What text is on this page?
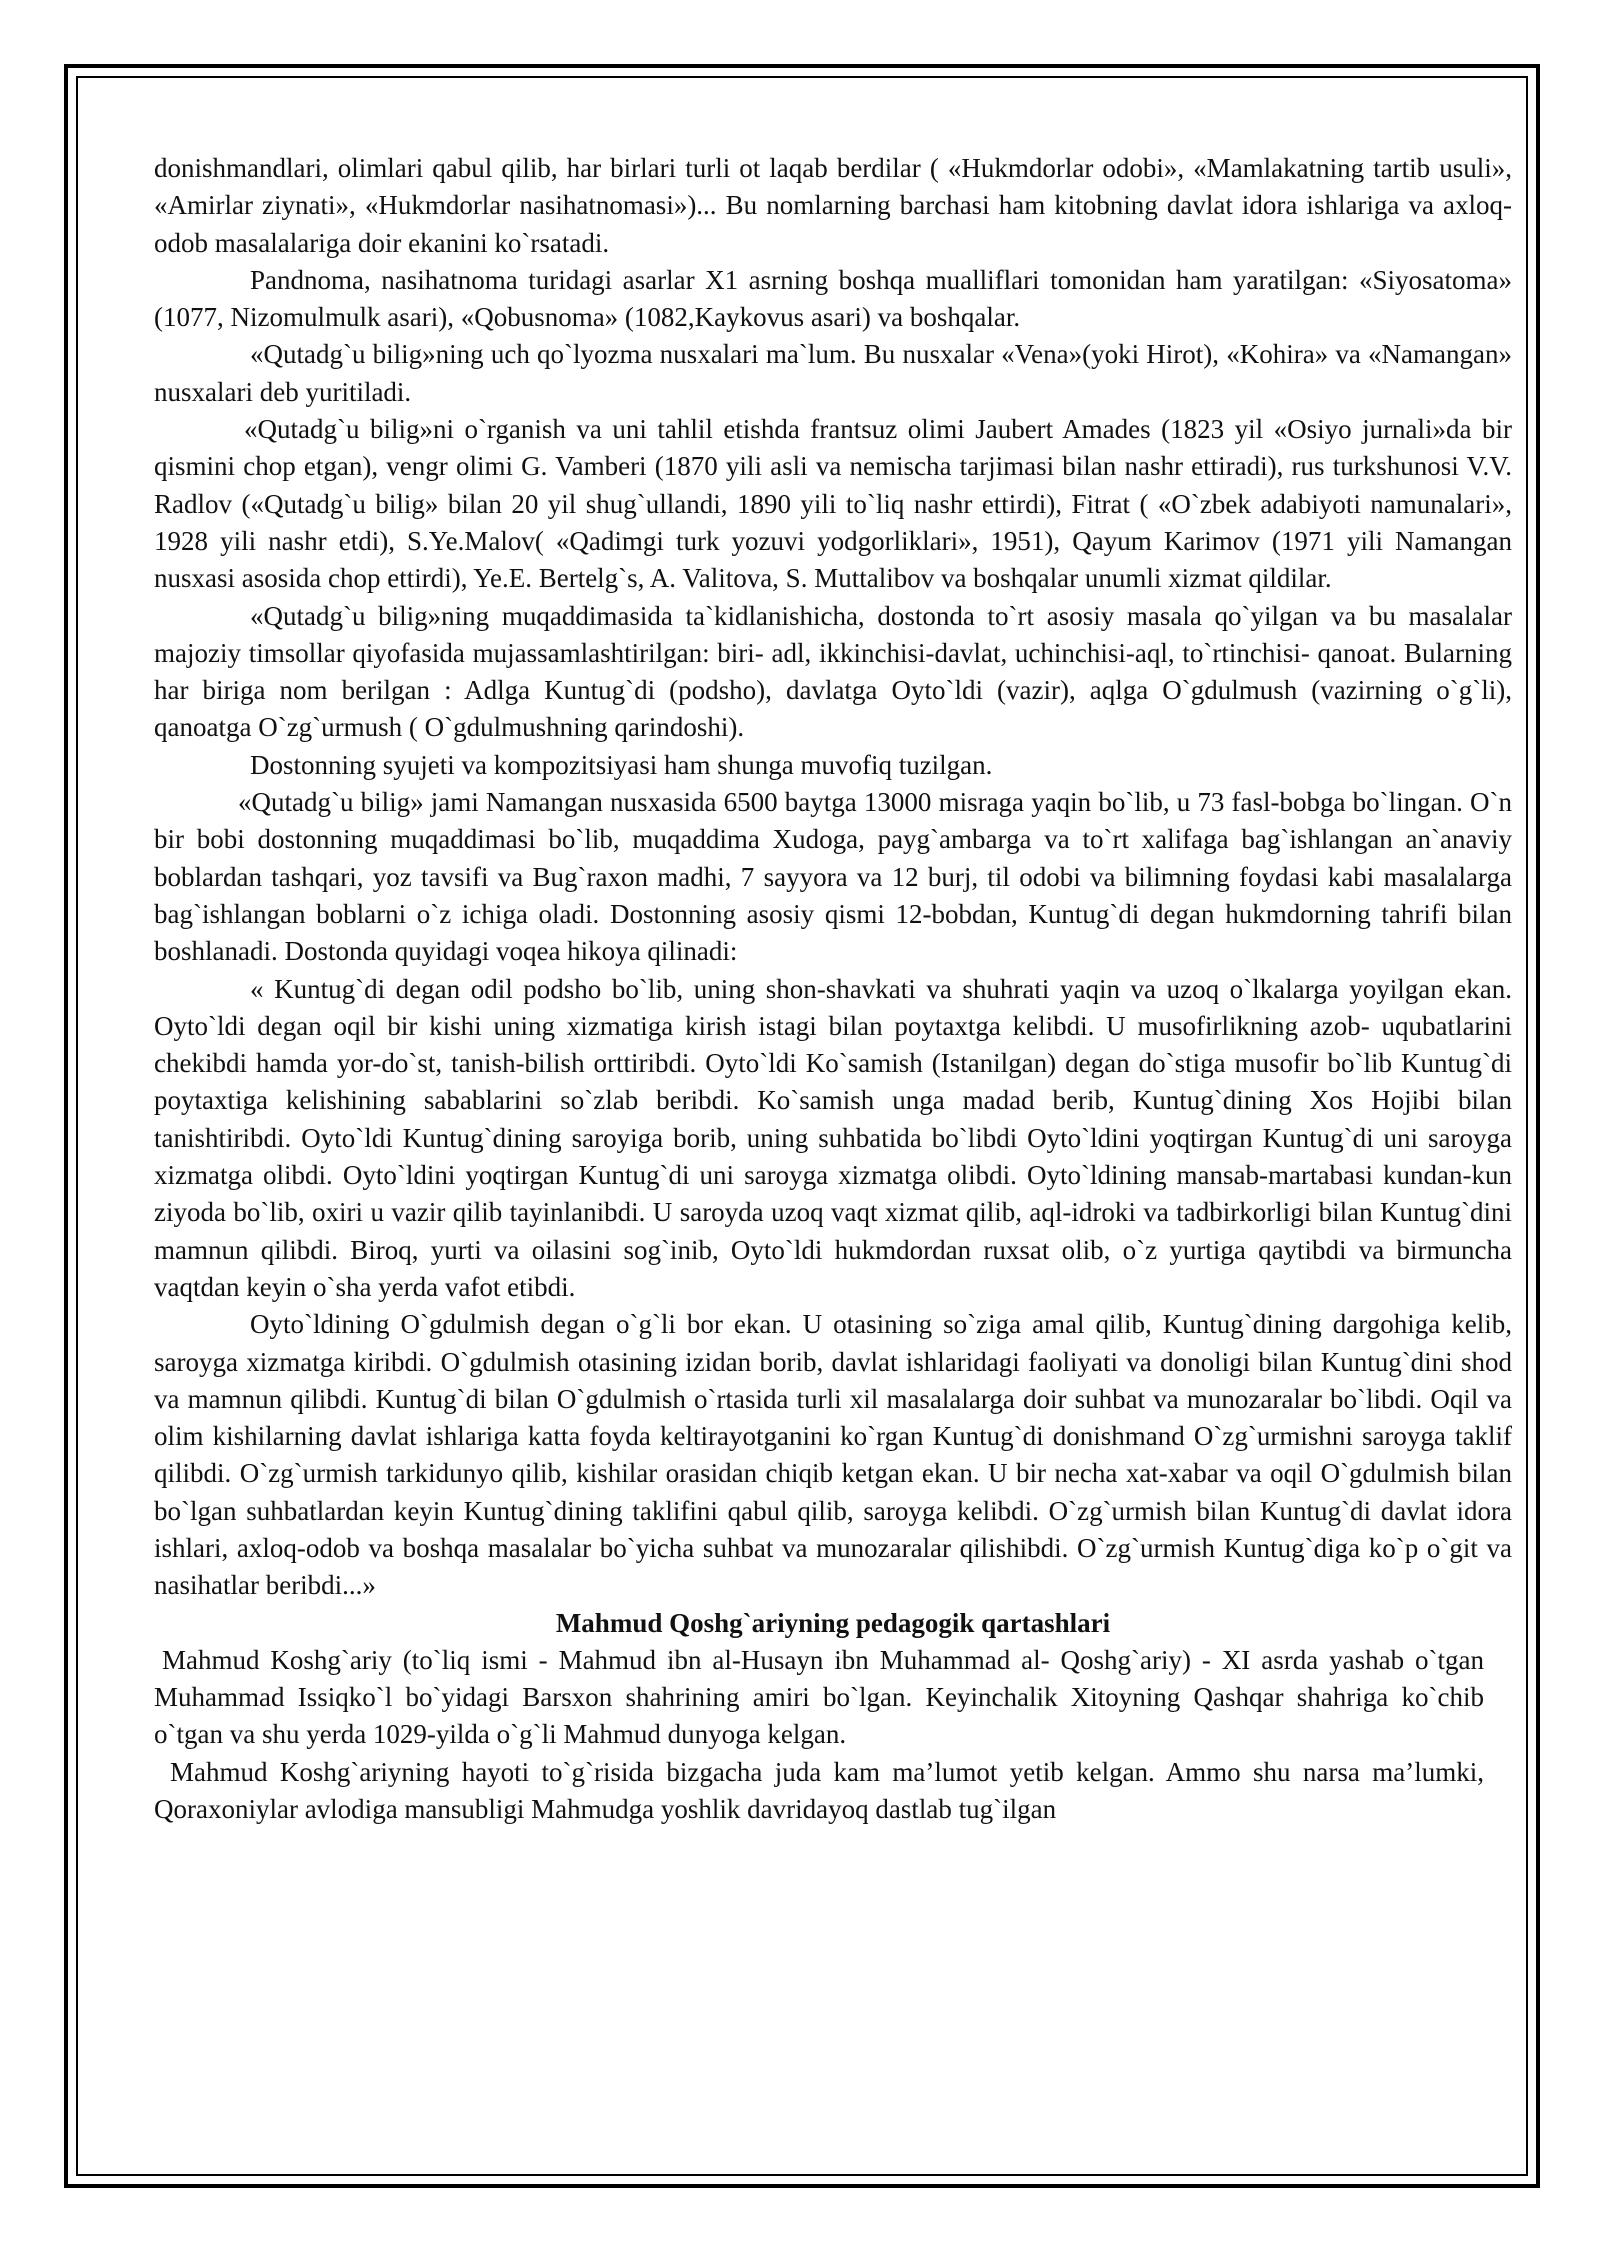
donishmandlari, olimlari qabul qilib, har birlari turli ot laqab berdilar ( «Hukmdorlar odobi», «Mamlakatning tartib usuli», «Amirlar ziynati», «Hukmdorlar nasihatnomasi»)... Bu nomlarning barchasi ham kitobning davlat idora ishlariga va axloq-odob masalalariga doir ekanini ko`rsatadi.

Pandnoma, nasihatnoma turidagi asarlar X1 asrning boshqa mualliflari tomonidan ham yaratilgan: «Siyosatoma» (1077, Nizomulmulk asari), «Qobusnoma» (1082,Kaykovus asari) va boshqalar.

«Qutadg`u bilig»ning uch qo`lyozma nusxalari ma`lum. Bu nusxalar «Vena»(yoki Hirot), «Kohira» va «Namangan» nusxalari deb yuritiladi.

«Qutadg`u bilig»ni o`rganish va uni tahlil etishda frantsuz olimi Jaubert Amades (1823 yil «Osiyo jurnali»da bir qismini chop etgan), vengr olimi G. Vamberi (1870 yili asli va nemischa tarjimasi bilan nashr ettiradi), rus turkshunosi V.V. Radlov («Qutadg`u bilig» bilan 20 yil shug`ullandi, 1890 yili to`liq nashr ettirdi), Fitrat ( «O`zbek adabiyoti namunalari», 1928 yili nashr etdi), S.Ye.Malov( «Qadimgi turk yozuvi yodgorliklari», 1951), Qayum Karimov (1971 yili Namangan nusxasi asosida chop ettirdi), Ye.E. Bertelg`s, A. Valitova, S. Muttalibov va boshqalar unumli xizmat qildilar.

«Qutadg`u bilig»ning muqaddimasida ta`kidlanishicha, dostonda to`rt asosiy masala qo`yilgan va bu masalalar majoziy timsollar qiyofasida mujassamlashtirilgan: biri- adl, ikkinchisi-davlat, uchinchisi-aql, to`rtinchisi- qanoat. Bularning har biriga nom berilgan : Adlga Kuntug`di (podsho), davlatga Oyto`ldi (vazir), aqlga O`gdulmush (vazirning o`g`li), qanoatga O`zg`urmush ( O`gdulmushning qarindoshi).

Dostonning syujeti va kompozitsiyasi ham shunga muvofiq tuzilgan.

«Qutadg`u bilig» jami Namangan nusxasida 6500 baytga 13000 misraga yaqin bo`lib, u 73 fasl-bobga bo`lingan. O`n bir bobi dostonning muqaddimasi bo`lib, muqaddima Xudoga, payg`ambarga va to`rt xalifaga bag`ishlangan an`anaviy boblardan tashqari, yoz tavsifi va Bug`raxon madhi, 7 sayyora va 12 burj, til odobi va bilimning foydasi kabi masalalarga bag`ishlangan boblarni o`z ichiga oladi. Dostonning asosiy qismi 12-bobdan, Kuntug`di degan hukmdorning tahrifi bilan boshlanadi. Dostonda quyidagi voqea hikoya qilinadi:

« Kuntug`di degan odil podsho bo`lib, uning shon-shavkati va shuhrati yaqin va uzoq o`lkalarga yoyilgan ekan. Oyto`ldi degan oqil bir kishi uning xizmatiga kirish istagi bilan poytaxtga kelibdi. U musofirlikning azob- uqubatlarini chekibdi hamda yor-do`st, tanish-bilish orttiribdi. Oyto`ldi Ko`samish (Istanilgan) degan do`stiga musofir bo`lib Kuntug`di poytaxtiga kelishining sabablarini so`zlab beribdi. Ko`samish unga madad berib, Kuntug`dining Xos Hojibi bilan tanishtiribdi. Oyto`ldi Kuntug`dining saroyiga borib, uning suhbatida bo`libdi Oyto`ldini yoqtirgan Kuntug`di uni saroyga xizmatga olibdi. Oyto`ldini yoqtirgan Kuntug`di uni saroyga xizmatga olibdi. Oyto`ldining mansab-martabasi kundan-kun ziyoda bo`lib, oxiri u vazir qilib tayinlanibdi. U saroyda uzoq vaqt xizmat qilib, aql-idroki va tadbirkorligi bilan Kuntug`dini mamnun qilibdi. Biroq, yurti va oilasini sog`inib, Oyto`ldi hukmdordan ruxsat olib, o`z yurtiga qaytibdi va birmuncha vaqtdan keyin o`sha yerda vafot etibdi.

Oyto`ldining O`gdulmish degan o`g`li bor ekan. U otasining so`ziga amal qilib, Kuntug`dining dargohiga kelib, saroyga xizmatga kiribdi. O`gdulmish otasining izidan borib, davlat ishlaridagi faoliyati va donoligi bilan Kuntug`dini shod va mamnun qilibdi. Kuntug`di bilan O`gdulmish o`rtasida turli xil masalalarga doir suhbat va munozaralar bo`libdi. Oqil va olim kishilarning davlat ishlariga katta foyda keltirayotganini ko`rgan Kuntug`di donishmand O`zg`urmishni saroyga taklif qilibdi. O`zg`urmish tarkidunyo qilib, kishilar orasidan chiqib ketgan ekan. U bir necha xat-xabar va oqil O`gdulmish bilan bo`lgan suhbatlardan keyin Kuntug`dining taklifini qabul qilib, saroyga kelibdi. O`zg`urmish bilan Kuntug`di davlat idora ishlari, axloq-odob va boshqa masalalar bo`yicha suhbat va munozaralar qilishibdi. O`zg`urmish Kuntug`diga ko`p o`git va nasihatlar beribdi...»

Mahmud Qoshg`ariyning pedagogik qartashlari

Mahmud Koshg`ariy (to`liq ismi - Mahmud ibn al-Husayn ibn Muhammad al- Qoshg`ariy) - XI asrda yashab o`tgan Muhammad Issiqko`l bo`yidagi Barsxon shahrining amiri bo`lgan. Keyinchalik Xitoyning Qashqar shahriga ko`chib o`tgan va shu yerda 1029-yilda o`g`li Mahmud dunyoga kelgan.

Mahmud Koshg`ariyning hayoti to`g`risida bizgacha juda kam ma’lumot yetib kelgan. Ammo shu narsa ma’lumki, Qoraxoniylar avlodiga mansubligi Mahmudga yoshlik davridayoq dastlab tug`ilgan
